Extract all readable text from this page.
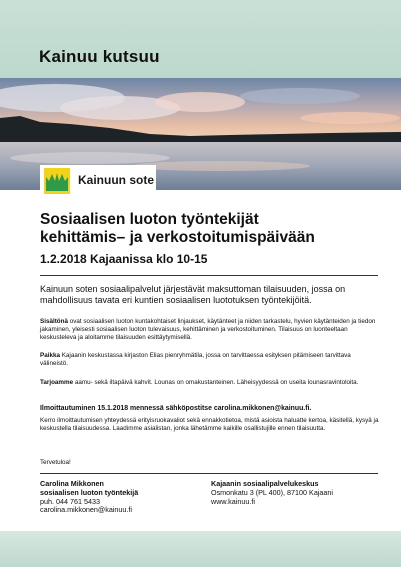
Kainuu kutsuu
Kainuun sote
Sosiaalisen luoton työntekijät
kehittämis– ja verkostoitumispäivään

1.2.2018 Kajaanissa klo 10-15

Kainuun soten sosiaalipalvelut järjestävät maksuttoman tilaisuuden, jossa on mahdollisuus tavata eri kuntien sosiaalisen luototuksen työntekijöitä.

Sisältönä ovat sosiaalisen luoton kuntakohtaiset linjaukset, käytänteet ja niiden tarkastelu, hyvien käytänteiden ja tiedon jakaminen, yleisesti sosiaalisen luoton tulevaisuus, kehittäminen ja verkostoituminen. Tilaisuus on luonteeltaan keskusteleva ja aloitamme tilaisuuden esittäytymisellä.

Paikka Kajaanin keskustassa kirjaston Elias pienryhmätila, jossa on tarvittaessa esityksen pitämiseen tarvittava välineistö.

Tarjoamme aamu- sekä iltapäivä kahvit. Lounas on omakustanteinen. Läheisyydessä on useita lounasravintoloita.

Ilmoittautuminen 15.1.2018 mennessä sähköpostitse carolina.mikkonen@kainuu.fi.

Kerro ilmoittautumisen yhteydessä erityisruokavaliot sekä ennakkotietoa, mistä asioista haluatte kertoa, käsitellä, kysyä ja keskustella tilaisuudessa. Laadimme asialistan, jonka lähetämme kaikille osallistujille ennen tilaisuutta.

Tervetuloa!

Carolina Mikkonen
sosiaalisen luoton työntekijä
puh. 044 761 5433
carolina.mikkonen@kainuu.fi
Kajaanin sosiaalipalvelukeskus
Osmonkatu 3 (PL 400), 87100 Kajaani
www.kainuu.fi
